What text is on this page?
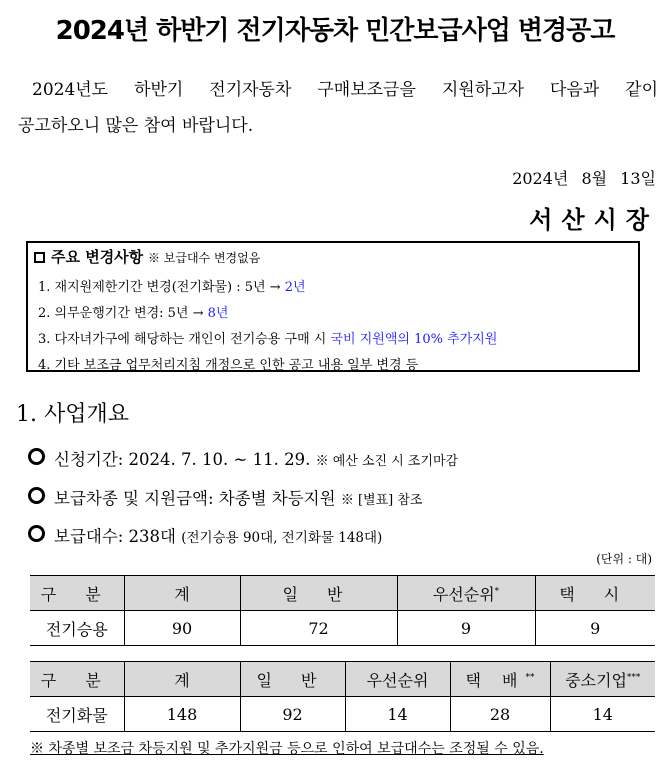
2024년 하반기 전기자동차 민간보급사업 변경공고
2024년도 하반기 전기자동차 구매보조금을 지원하고자 다음과 같이
공고하오니 많은 참여 바랍니다.
2024년 8월 13일
서산시장
주요 변경사항 ※ 보급대수 변경없음
1. 재지원제한기간 변경(전기화물) : 5년 → 2년
2. 의무운행기간 변경: 5년 → 8년
3. 다자녀가구에 해당하는 개인이 전기승용 구매 시 국비 지원액의 10% 추가지원
4. 기타 보조금 업무처리지침 개정으로 인한 공고 내용 일부 변경 등
1. 사업개요
신청기간: 2024. 7. 10. ~ 11. 29. ※ 예산 소진 시 조기마감
보급차종 및 지원금액: 차종별 차등지원 ※ [별표] 참조
보급대수: 238대 (전기승용 90대, 전기화물 148대)
(단위 : 대)
구 분	계	일 반	우선순위*	택 시
전기승용	90	72	9	9
구 분	계	일 반	우선순위	택 배**	중소기업***
전기화물	148	92	14	28	14
※ 차종별 보조금 차등지원 및 추가지원금 등으로 인하여 보급대수는 조정될 수 있음.
